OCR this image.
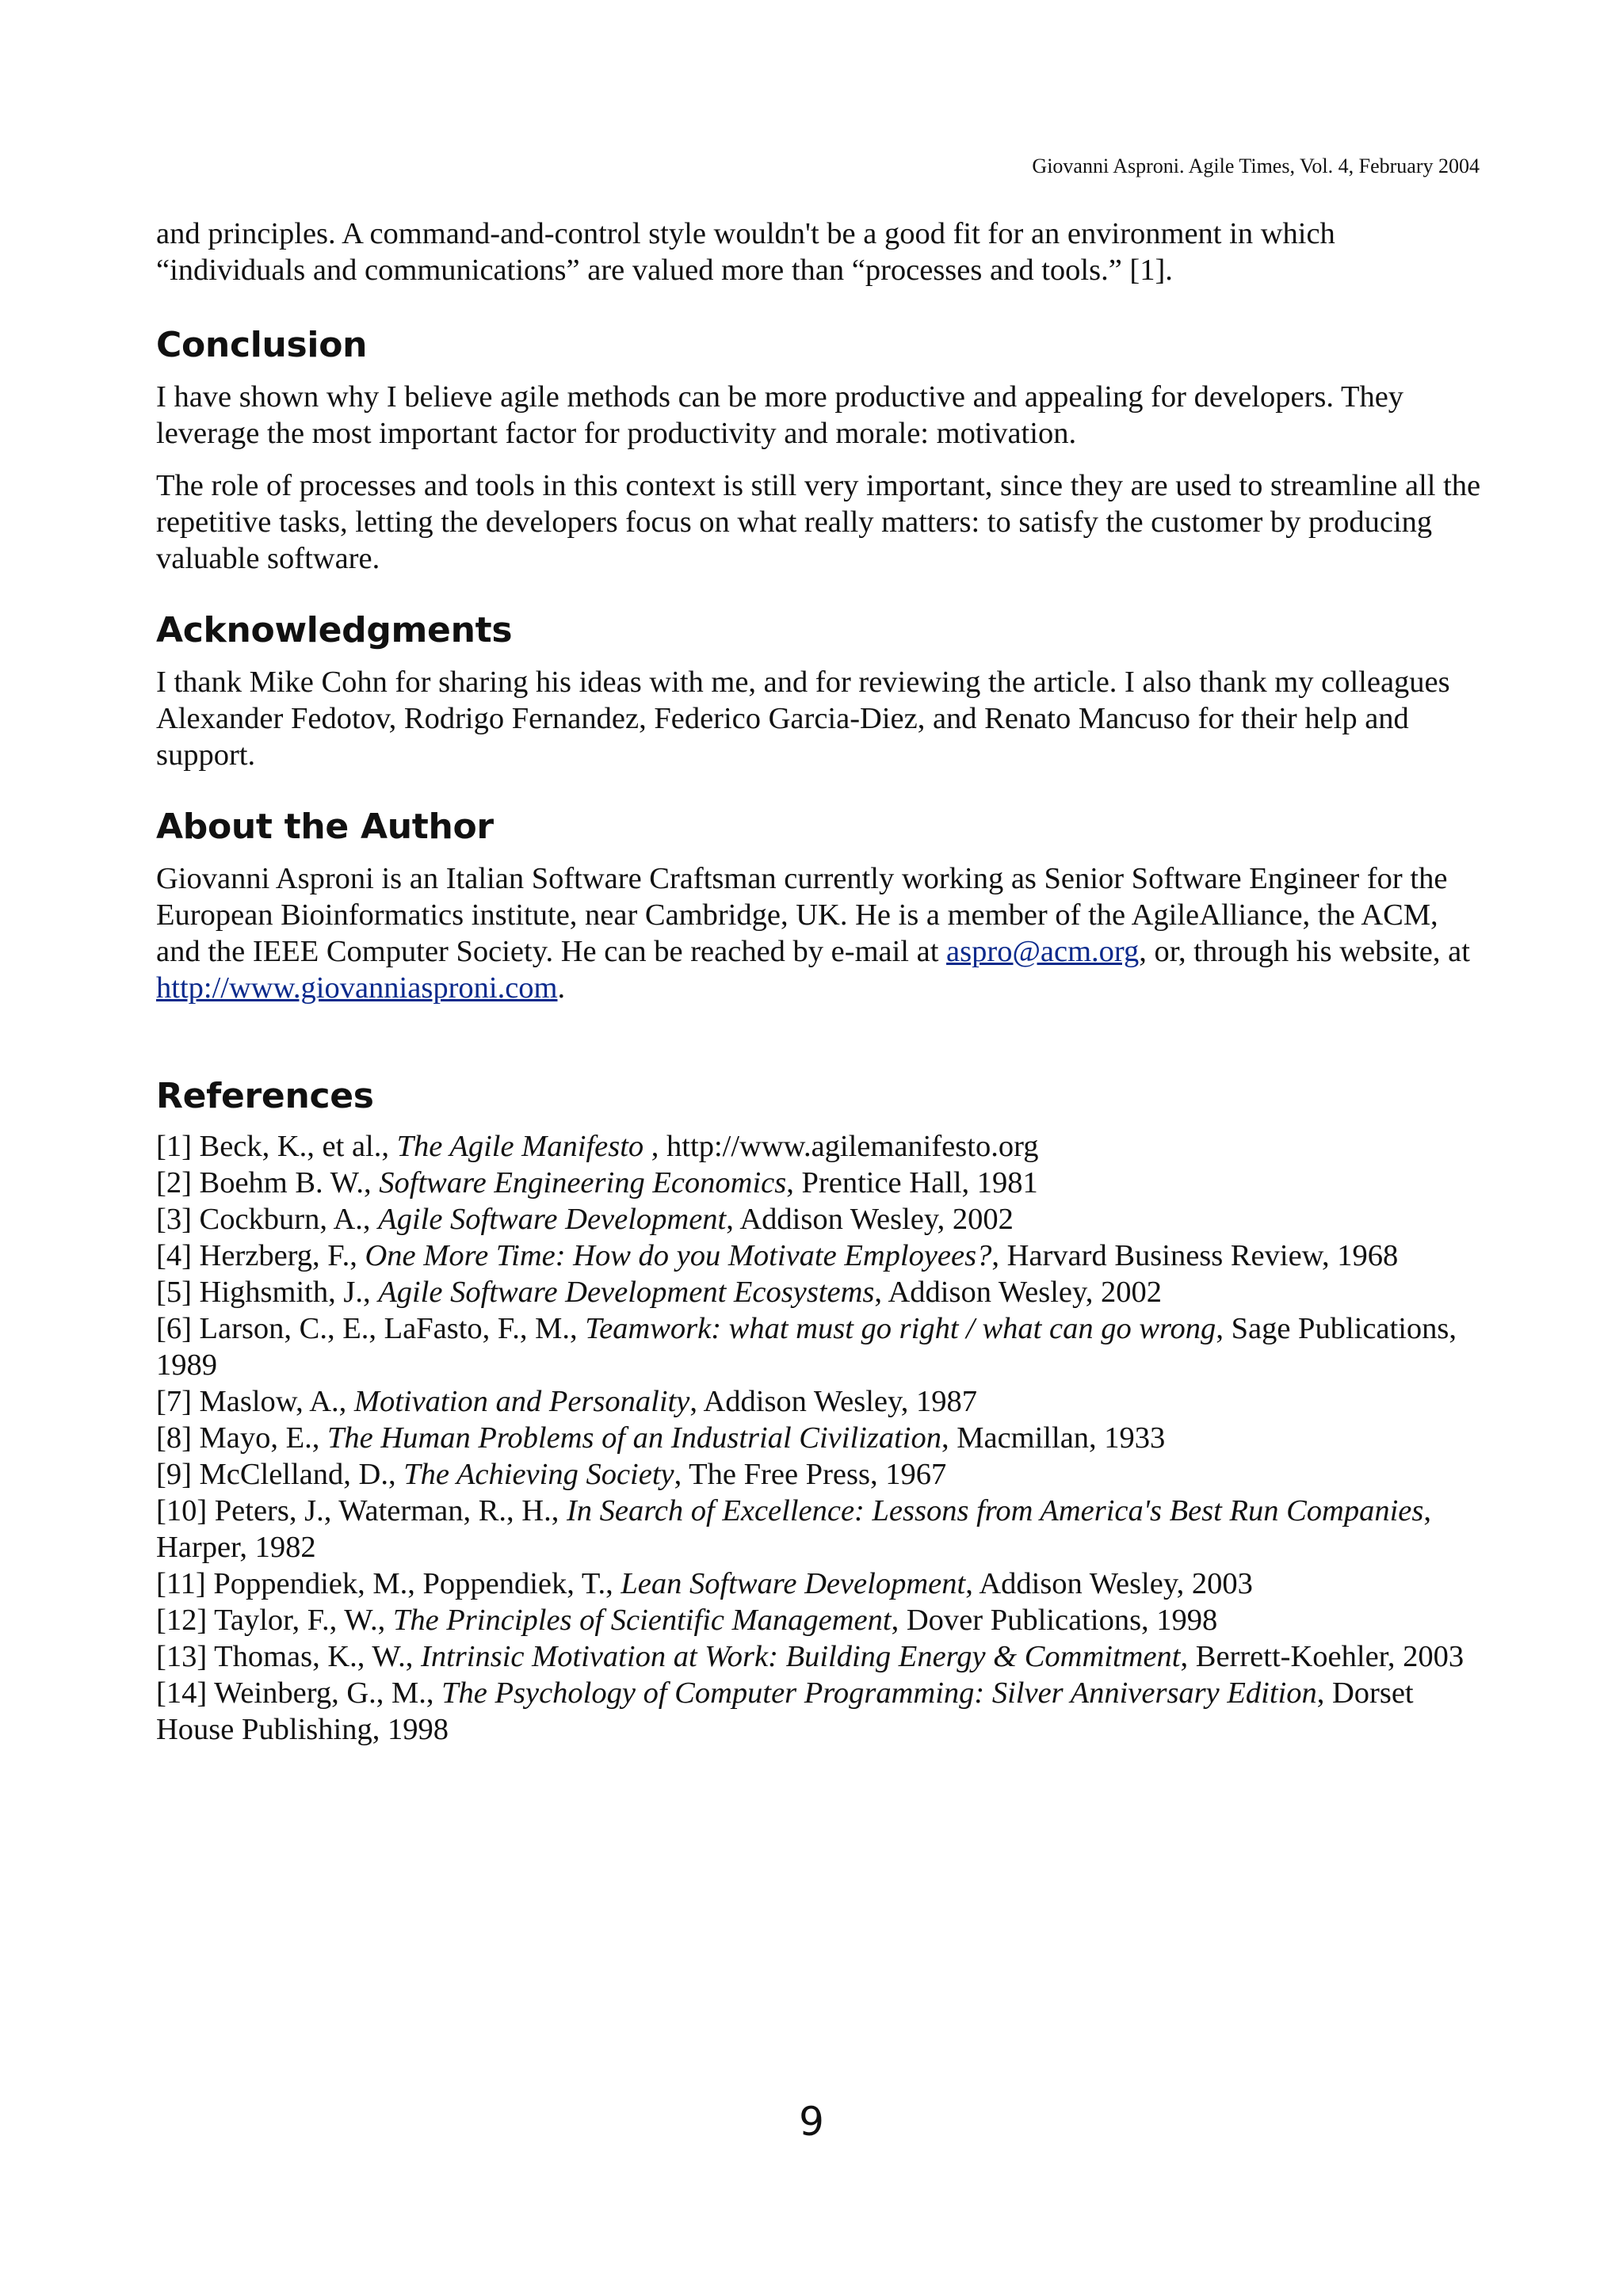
Giovanni Asproni. Agile Times, Vol. 4, February 2004

and principles. A command-and-control style wouldn't be a good fit for an environment in which “individuals and communications” are valued more than “processes and tools.” [1].

Conclusion

I have shown why I believe agile methods can be more productive and appealing for developers. They leverage the most important factor for productivity and morale: motivation.

The role of processes and tools in this context is still very important, since they are used to streamline all the repetitive tasks, letting the developers focus on what really matters: to satisfy the customer by producing valuable software.

Acknowledgments

I thank Mike Cohn for sharing his ideas with me, and for reviewing the article. I also thank my colleagues Alexander Fedotov, Rodrigo Fernandez, Federico Garcia-Diez, and Renato Mancuso for their help and support.

About the Author

Giovanni Asproni is an Italian Software Craftsman currently working as Senior Software Engineer for the European Bioinformatics institute, near Cambridge, UK. He is a member of the AgileAlliance, the ACM, and the IEEE Computer Society. He can be reached by e-mail at aspro@acm.org, or, through his website, at http://www.giovanniasproni.com.

References
[1] Beck, K., et al., The Agile Manifesto , http://www.agilemanifesto.org
[2] Boehm B. W., Software Engineering Economics, Prentice Hall, 1981
[3] Cockburn, A., Agile Software Development, Addison Wesley, 2002
[4] Herzberg, F., One More Time: How do you Motivate Employees?, Harvard Business Review, 1968
[5] Highsmith, J., Agile Software Development Ecosystems, Addison Wesley, 2002
[6] Larson, C., E., LaFasto, F., M., Teamwork: what must go right / what can go wrong, Sage Publications, 1989
[7] Maslow, A., Motivation and Personality, Addison Wesley, 1987
[8] Mayo, E., The Human Problems of an Industrial Civilization, Macmillan, 1933
[9] McClelland, D., The Achieving Society, The Free Press, 1967
[10] Peters, J., Waterman, R., H., In Search of Excellence: Lessons from America's Best Run Companies, Harper, 1982
[11] Poppendiek, M., Poppendiek, T., Lean Software Development, Addison Wesley, 2003
[12] Taylor, F., W., The Principles of Scientific Management, Dover Publications, 1998
[13] Thomas, K., W., Intrinsic Motivation at Work: Building Energy & Commitment, Berrett-Koehler, 2003
[14] Weinberg, G., M., The Psychology of Computer Programming: Silver Anniversary Edition, Dorset House Publishing, 1998
9
